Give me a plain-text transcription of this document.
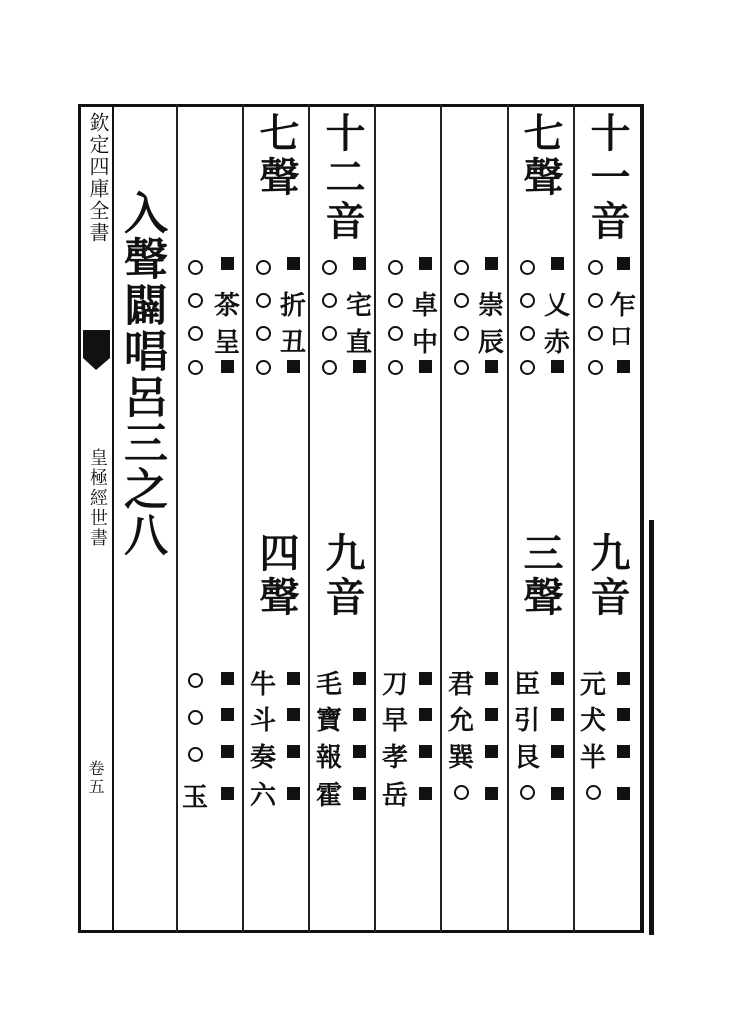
欽定四庫全書
皇極經世書
卷五
入聲闢唱呂三之八
十一音
乍
口
七聲
乂
赤
崇
辰
卓
中
十二音
宅
直
七聲
折
丑
茶
呈
九音
元
犬
半
三聲
臣
引
艮
君
允
巽
刀
早
孝
岳
九音
毛
寶
報
霍
四聲
牛
斗
奏
六
玉
